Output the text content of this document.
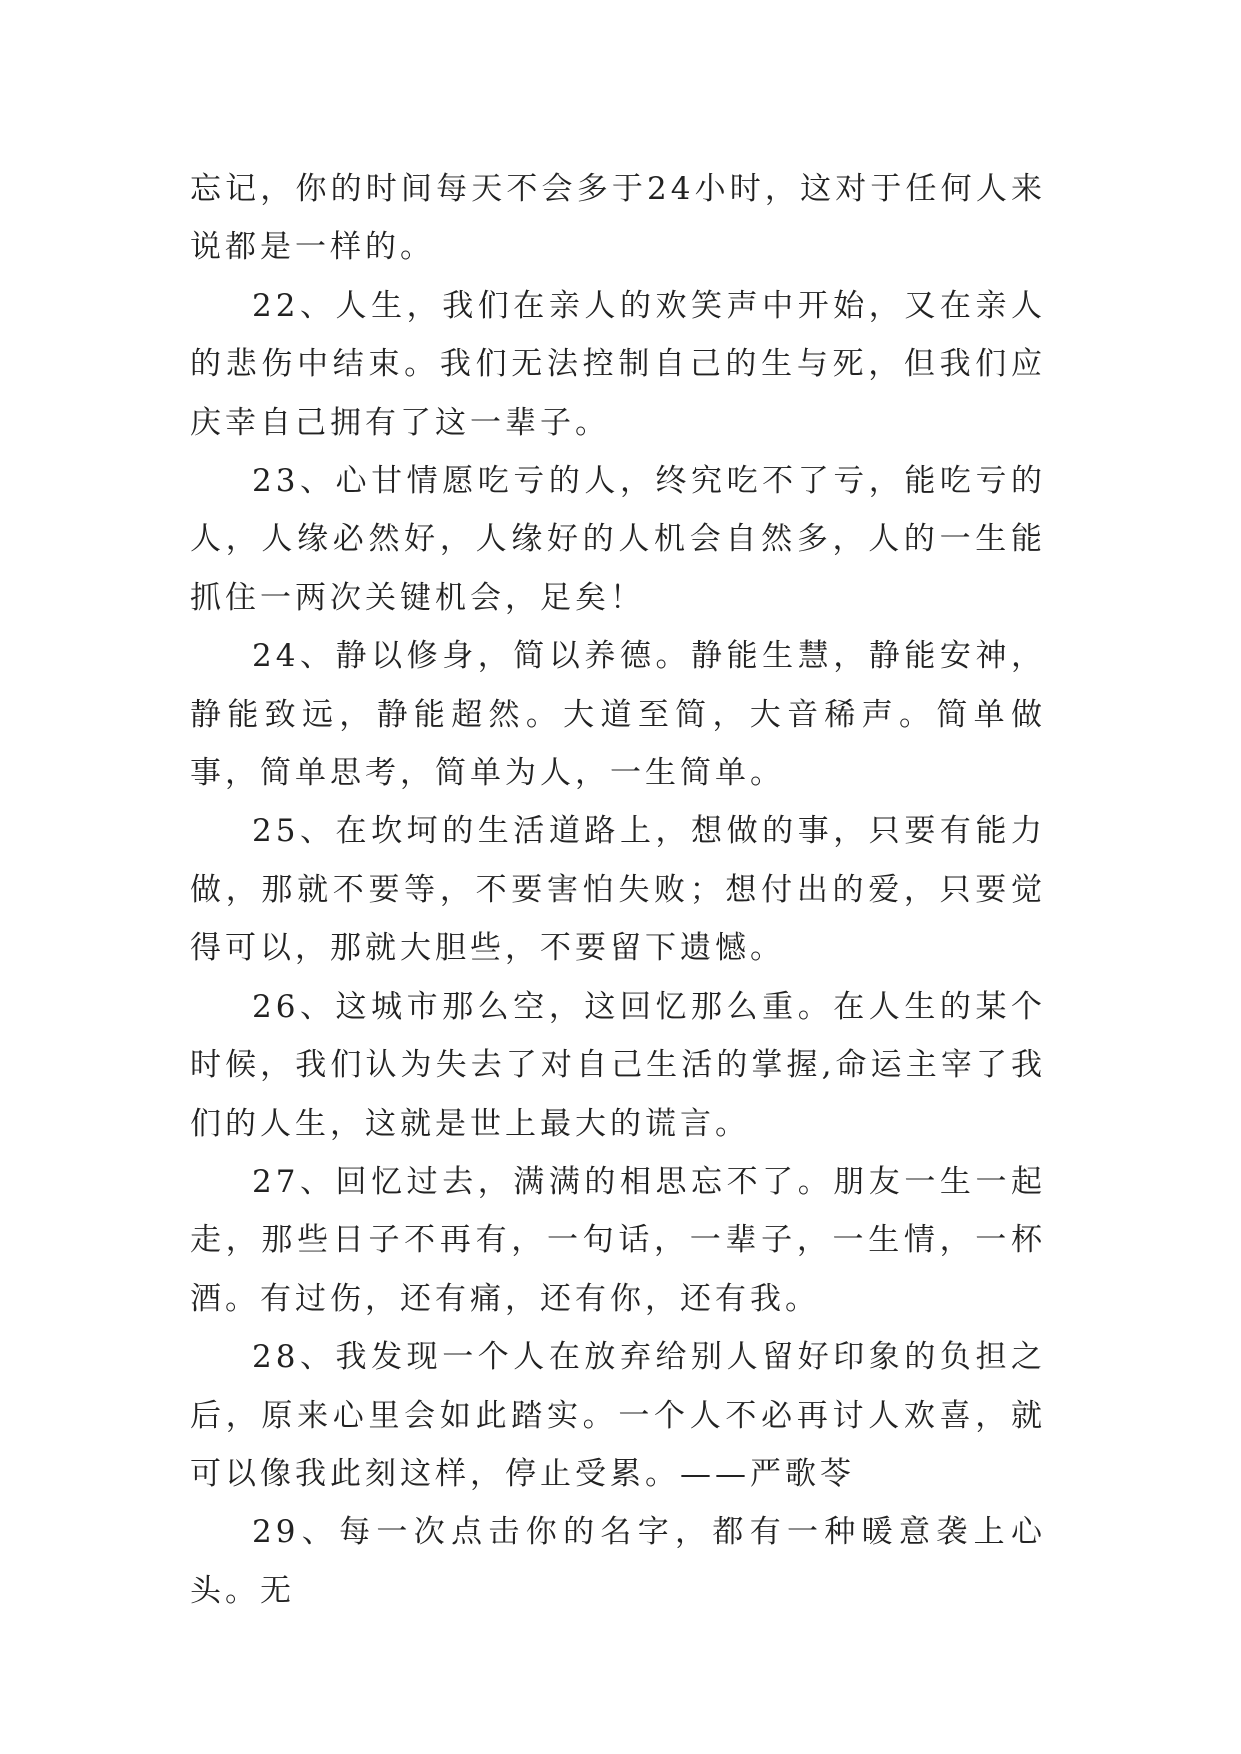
忘记，你的时间每天不会多于24小时，这对于任何人来说都是一样的。

22、人生，我们在亲人的欢笑声中开始，又在亲人的悲伤中结束。我们无法控制自己的生与死，但我们应庆幸自己拥有了这一辈子。

23、心甘情愿吃亏的人，终究吃不了亏，能吃亏的人，人缘必然好，人缘好的人机会自然多，人的一生能抓住一两次关键机会，足矣！

24、静以修身，简以养德。静能生慧，静能安神，静能致远，静能超然。大道至简，大音稀声。简单做事，简单思考，简单为人，一生简单。

25、在坎坷的生活道路上，想做的事，只要有能力做，那就不要等，不要害怕失败；想付出的爱，只要觉得可以，那就大胆些，不要留下遗憾。

26、这城市那么空，这回忆那么重。在人生的某个时候，我们认为失去了对自己生活的掌握,命运主宰了我们的人生，这就是世上最大的谎言。

27、回忆过去，满满的相思忘不了。朋友一生一起走，那些日子不再有，一句话，一辈子，一生情，一杯酒。有过伤，还有痛，还有你，还有我。

28、我发现一个人在放弃给别人留好印象的负担之后，原来心里会如此踏实。一个人不必再讨人欢喜，就可以像我此刻这样，停止受累。——严歌苓

29、每一次点击你的名字，都有一种暖意袭上心头。无
